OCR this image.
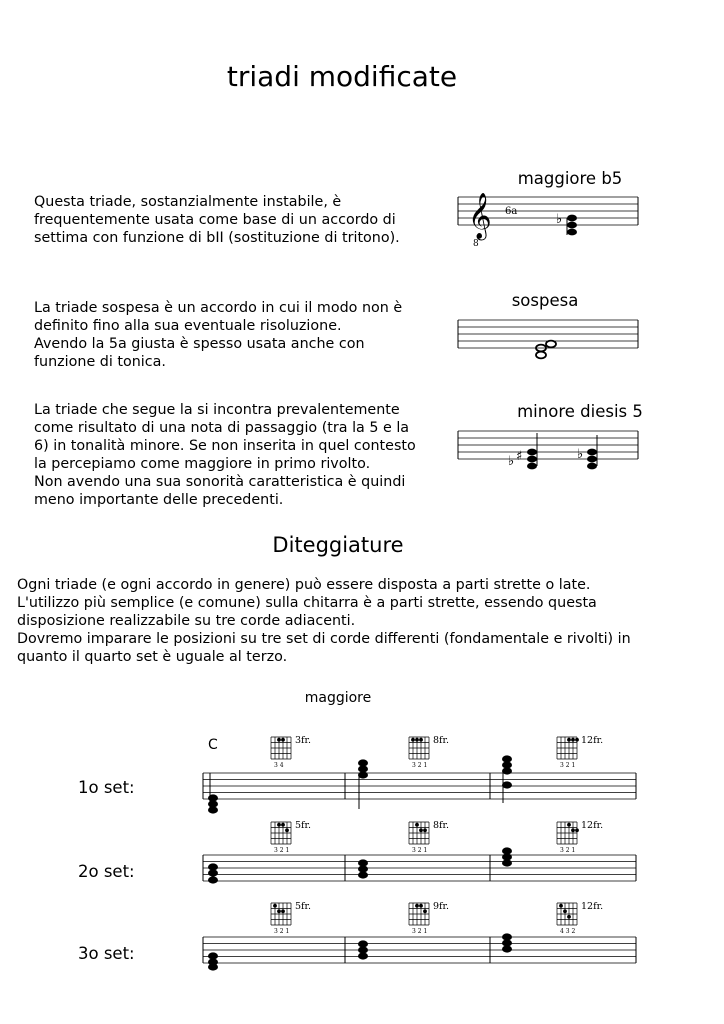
triadi modificate
Questa triade, sostanzialmente instabile, è
frequentemente usata come base di un accordo di
settima con funzione di bII (sostituzione di tritono).
maggiore b5
𝄞
8
6a
♭
La triade sospesa è un accordo in cui il modo non è
definito fino alla sua eventuale risoluzione.
Avendo la 5a giusta è spesso usata anche con
funzione di tonica.
sospesa
La triade che segue la si incontra prevalentemente
come risultato di una nota di passaggio (tra la 5 e la
6) in tonalità minore. Se non inserita in quel contesto
la percepiamo come maggiore in primo rivolto.
Non avendo una sua sonorità caratteristica è quindi
meno importante delle precedenti.
minore diesis 5
♭ ♯	♭
Diteggiature
Ogni triade (e ogni accordo in genere) può essere disposta a parti strette o late.
L'utilizzo più semplice (e comune) sulla chitarra è a parti strette, essendo questa
disposizione realizzabile su tre corde adiacenti.
Dovremo imparare le posizioni su tre set di corde differenti (fondamentale e rivolti) in
quanto il quarto set è uguale al terzo.
maggiore
C
1o set:
2o set:
3o set:
3fr.
3 4
8fr.
3 2 1
12fr.
3 2 1
5fr.
3 2 1
8fr.
3 2 1
12fr.
3 2 1
5fr.
3 2 1
9fr.
3 2 1
12fr.
4 3 2
